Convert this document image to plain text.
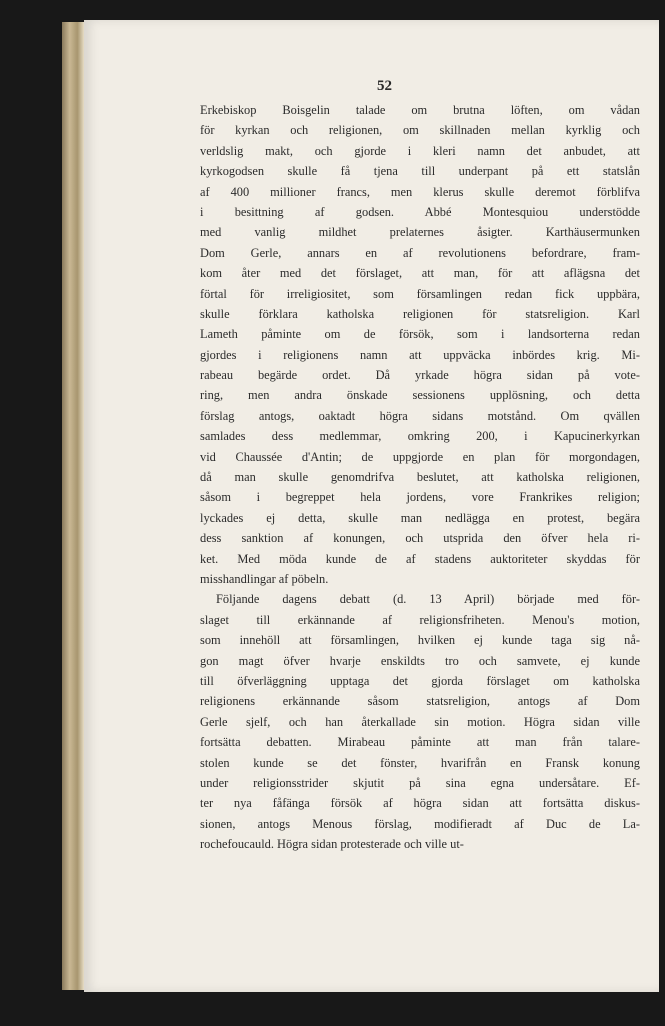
52
Erkebiskop Boisgelin talade om brutna löften, om vådan
för kyrkan och religionen, om skillnaden mellan kyrklig och
verldslig makt, och gjorde i kleri namn det anbudet, att
kyrkogodsen skulle få tjena till underpant på ett statslån
af 400 millioner francs, men klerus skulle deremot förblifva
i besittning af godsen. Abbé Montesquiou understödde
med vanlig mildhet prelaternes åsigter. Karthäusermunken
Dom Gerle, annars en af revolutionens befordrare, fram-
kom åter med det förslaget, att man, för att aflägsna det
förtal för irreligiositet, som församlingen redan fick uppbära,
skulle förklara katholska religionen för statsreligion. Karl
Lameth påminte om de försök, som i landsorterna redan
gjordes i religionens namn att uppväcka inbördes krig. Mi-
rabeau begärde ordet. Då yrkade högra sidan på vote-
ring, men andra önskade sessionens upplösning, och detta
förslag antogs, oaktadt högra sidans motstånd. Om qvällen
samlades dess medlemmar, omkring 200, i Kapucinerkyrkan
vid Chaussée d'Antin; de uppgjorde en plan för morgondagen,
då man skulle genomdrifva beslutet, att katholska religionen,
såsom i begreppet hela jordens, vore Frankrikes religion;
lyckades ej detta, skulle man nedlägga en protest, begära
dess sanktion af konungen, och utsprida den öfver hela ri-
ket. Med möda kunde de af stadens auktoriteter skyddas för
misshandlingar af pöbeln.
Följande dagens debatt (d. 13 April) började med för-
slaget till erkännande af religionsfriheten. Menou's motion,
som innehöll att församlingen, hvilken ej kunde taga sig nå-
gon magt öfver hvarje enskildts tro och samvete, ej kunde
till öfverläggning upptaga det gjorda förslaget om katholska
religionens erkännande såsom statsreligion, antogs af Dom
Gerle sjelf, och han återkallade sin motion. Högra sidan ville
fortsätta debatten. Mirabeau påminte att man från talare-
stolen kunde se det fönster, hvarifrån en Fransk konung
under religionsstrider skjutit på sina egna undersåtare. Ef-
ter nya fåfänga försök af högra sidan att fortsätta diskus-
sionen, antogs Menous förslag, modifieradt af Duc de La-
rochefoucauld. Högra sidan protesterade och ville ut-
